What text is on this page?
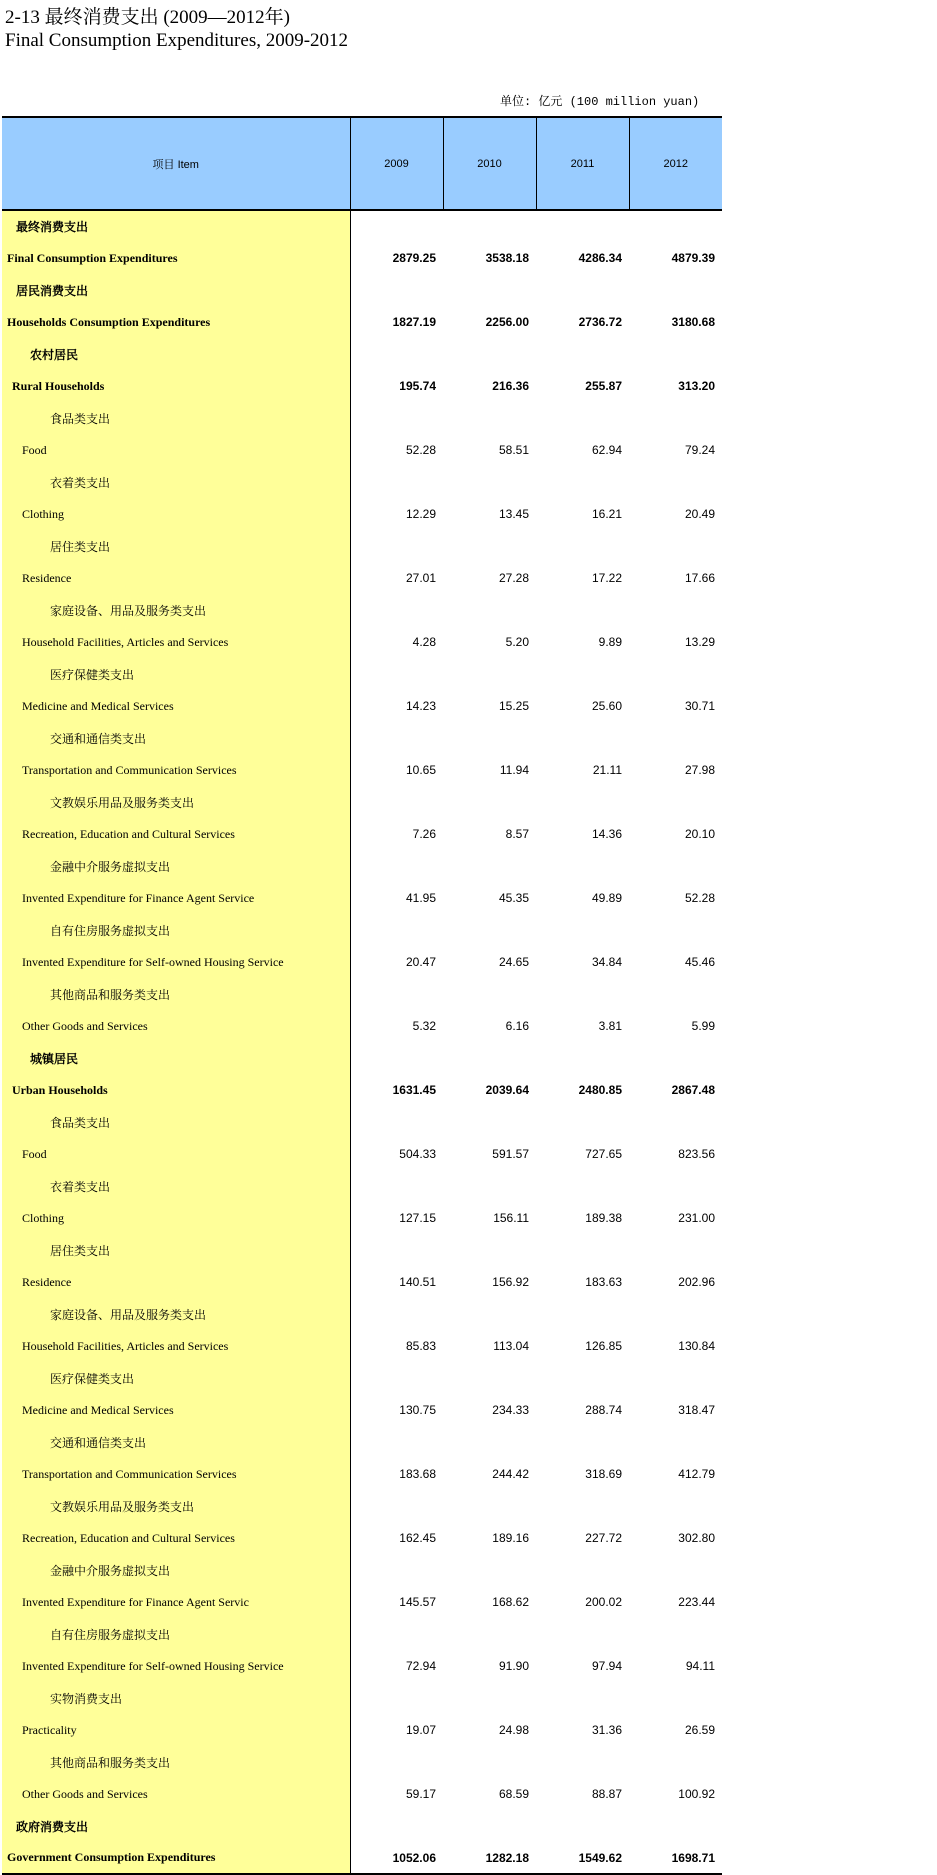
2-13 最终消费支出 (2009—2012年)
Final Consumption Expenditures, 2009-2012
单位: 亿元 (100 million yuan)
项目 Item	2009	2010	2011	2012
最终消费支出				
Final Consumption Expenditures	2879.25	3538.18	4286.34	4879.39
居民消费支出				
Households Consumption Expenditures	1827.19	2256.00	2736.72	3180.68
农村居民				
Rural Households	195.74	216.36	255.87	313.20
食品类支出				
Food	52.28	58.51	62.94	79.24
衣着类支出				
Clothing	12.29	13.45	16.21	20.49
居住类支出				
Residence	27.01	27.28	17.22	17.66
家庭设备、用品及服务类支出				
Household Facilities, Articles and Services	4.28	5.20	9.89	13.29
医疗保健类支出				
Medicine and Medical Services	14.23	15.25	25.60	30.71
交通和通信类支出				
Transportation and Communication Services	10.65	11.94	21.11	27.98
文教娱乐用品及服务类支出				
Recreation, Education and Cultural Services	7.26	8.57	14.36	20.10
金融中介服务虚拟支出				
Invented Expenditure for Finance Agent Service	41.95	45.35	49.89	52.28
自有住房服务虚拟支出				
Invented Expenditure for Self-owned Housing Service	20.47	24.65	34.84	45.46
其他商品和服务类支出				
Other Goods and Services	5.32	6.16	3.81	5.99
城镇居民				
Urban Households	1631.45	2039.64	2480.85	2867.48
食品类支出				
Food	504.33	591.57	727.65	823.56
衣着类支出				
Clothing	127.15	156.11	189.38	231.00
居住类支出				
Residence	140.51	156.92	183.63	202.96
家庭设备、用品及服务类支出				
Household Facilities, Articles and Services	85.83	113.04	126.85	130.84
医疗保健类支出				
Medicine and Medical Services	130.75	234.33	288.74	318.47
交通和通信类支出				
Transportation and Communication Services	183.68	244.42	318.69	412.79
文教娱乐用品及服务类支出				
Recreation, Education and Cultural Services	162.45	189.16	227.72	302.80
金融中介服务虚拟支出				
Invented Expenditure for Finance Agent Servic	145.57	168.62	200.02	223.44
自有住房服务虚拟支出				
Invented Expenditure for Self-owned Housing Service	72.94	91.90	97.94	94.11
实物消费支出				
Practicality	19.07	24.98	31.36	26.59
其他商品和服务类支出				
Other Goods and Services	59.17	68.59	88.87	100.92
政府消费支出				
Government Consumption Expenditures	1052.06	1282.18	1549.62	1698.71
